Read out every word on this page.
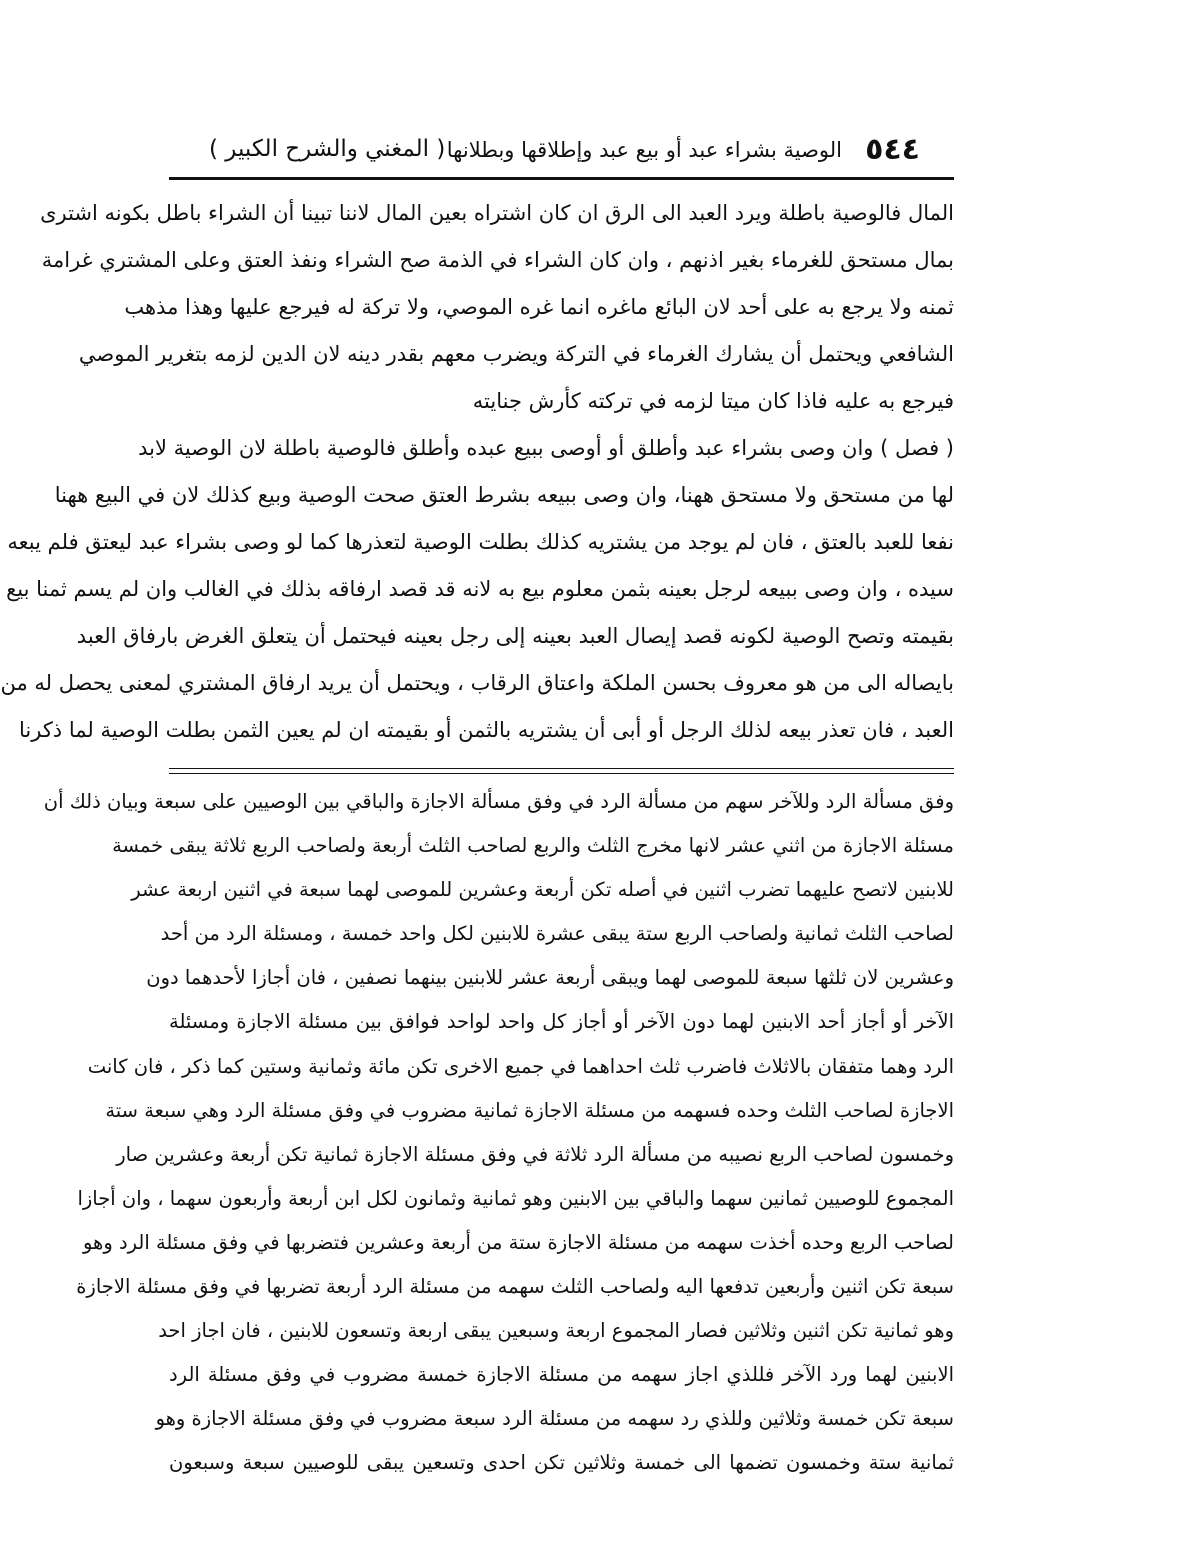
٥٤٤
الوصية بشراء عبد أو بيع عبد وإطلاقها وبطلانها
( المغني والشرح الكبير )
المال فالوصية باطلة ويرد العبد الى الرق ان كان اشتراه بعين المال لاننا تبينا أن الشراء باطل بكونه اشترى
بمال مستحق للغرماء بغير اذنهم ، وان كان الشراء في الذمة صح الشراء ونفذ العتق وعلى المشتري غرامة
ثمنه ولا يرجع به على أحد لان البائع ماغره انما غره الموصي، ولا تركة له فيرجع عليها وهذا مذهب
الشافعي ويحتمل أن يشارك الغرماء في التركة ويضرب معهم بقدر دينه لان الدين لزمه بتغرير الموصي
فيرجع به عليه فاذا كان ميتا لزمه في تركته كأرش جنايته
( فصل ) وان وصى بشراء عبد وأطلق أو أوصى ببيع عبده وأطلق فالوصية باطلة لان الوصية لابد
لها من مستحق ولا مستحق ههنا، وان وصى ببيعه بشرط العتق صحت الوصية وبيع كذلك لان في البيع ههنا
نفعا للعبد بالعتق ، فان لم يوجد من يشتريه كذلك بطلت الوصية لتعذرها كما لو وصى بشراء عبد ليعتق فلم يبعه
سيده ، وان وصى ببيعه لرجل بعينه بثمن معلوم بيع به لانه قد قصد ارفاقه بذلك في الغالب وان لم يسم ثمنا بيع
بقيمته وتصح الوصية لكونه قصد إيصال العبد بعينه إلى رجل بعينه فيحتمل أن يتعلق الغرض بارفاق العبد
بايصاله الى من هو معروف بحسن الملكة واعتاق الرقاب ، ويحتمل أن يريد ارفاق المشتري لمعنى يحصل له من
العبد ، فان تعذر بيعه لذلك الرجل أو أبى أن يشتريه بالثمن أو بقيمته ان لم يعين الثمن بطلت الوصية لما ذكرنا
وفق مسألة الرد وللآخر سهم من مسألة الرد في وفق مسألة الاجازة والباقي بين الوصيين على سبعة وبيان ذلك أن
مسئلة الاجازة من اثني عشر لانها مخرج الثلث والربع لصاحب الثلث أربعة ولصاحب الربع ثلاثة يبقى خمسة
للابنين لاتصح عليهما تضرب اثنين في أصله تكن أربعة وعشرين للموصى لهما سبعة في اثنين اربعة عشر
لصاحب الثلث ثمانية ولصاحب الربع ستة يبقى عشرة للابنين لكل واحد خمسة ، ومسئلة الرد من أحد
وعشرين لان ثلثها سبعة للموصى لهما ويبقى أربعة عشر للابنين بينهما نصفين ، فان أجازا لأحدهما دون
الآخر أو أجاز أحد الابنين لهما دون الآخر أو أجاز كل واحد لواحد فوافق بين مسئلة الاجازة ومسئلة
الرد وهما متفقان بالاثلاث فاضرب ثلث احداهما في جميع الاخرى تكن مائة وثمانية وستين كما ذكر ، فان كانت
الاجازة لصاحب الثلث وحده فسهمه من مسئلة الاجازة ثمانية مضروب في وفق مسئلة الرد وهي سبعة ستة
وخمسون لصاحب الربع نصيبه من مسألة الرد ثلاثة في وفق مسئلة الاجازة ثمانية تكن أربعة وعشرين صار
المجموع للوصيين ثمانين سهما والباقي بين الابنين وهو ثمانية وثمانون لكل ابن أربعة وأربعون سهما ، وان أجازا
لصاحب الربع وحده أخذت سهمه من مسئلة الاجازة ستة من أربعة وعشرين فتضربها في وفق مسئلة الرد وهو
سبعة تكن اثنين وأربعين تدفعها اليه ولصاحب الثلث سهمه من مسئلة الرد أربعة تضربها في وفق مسئلة الاجازة
وهو ثمانية تكن اثنين وثلاثين فصار المجموع اربعة وسبعين يبقى اربعة وتسعون للابنين ، فان اجاز احد
الابنين لهما ورد الآخر فللذي اجاز سهمه من مسئلة الاجازة خمسة مضروب في وفق مسئلة الرد
سبعة تكن خمسة وثلاثين وللذي رد سهمه من مسئلة الرد سبعة مضروب في وفق مسئلة الاجازة وهو
ثمانية ستة وخمسون تضمها الى خمسة وثلاثين تكن احدى وتسعين يبقى للوصيين سبعة وسبعون
